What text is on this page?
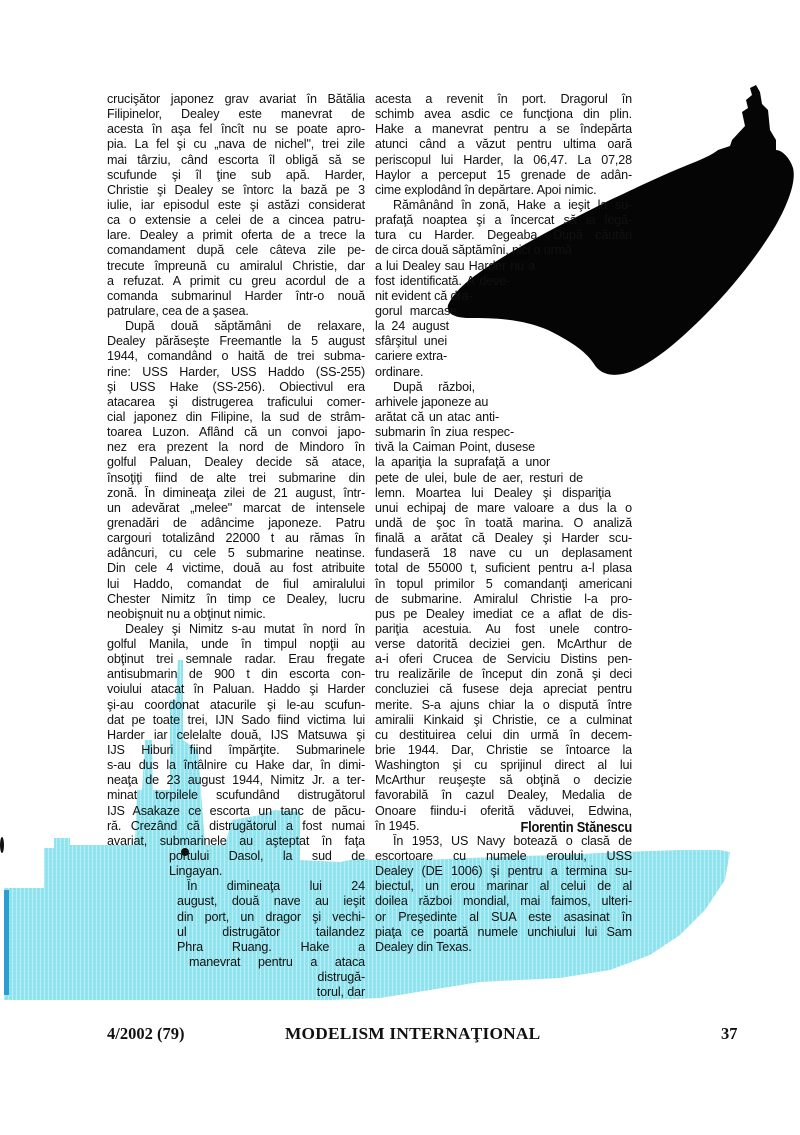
crucişător japonez grav avariat în Bătălia
Filipinelor, Dealey este manevrat de
acesta în aşa fel încît nu se poate apro-
pia. La fel şi cu „nava de nichel", trei zile
mai târziu, când escorta îl obligă să se
scufunde şi îl ţine sub apă. Harder,
Christie şi Dealey se întorc la bază pe 3
iulie, iar episodul este şi astăzi considerat
ca o extensie a celei de a cincea patru-
lare. Dealey a primit oferta de a trece la
comandament după cele câteva zile pe-
trecute împreună cu amiralul Christie, dar
a refuzat. A primit cu greu acordul de a
comanda submarinul Harder într-o nouă
patrulare, cea de a şasea.
După două săptămâni de relaxare,
Dealey părăseşte Freemantle la 5 august
1944, comandând o haită de trei subma-
rine: USS Harder, USS Haddo (SS-255)
şi USS Hake (SS-256). Obiectivul era
atacarea şi distrugerea traficului comer-
cial japonez din Filipine, la sud de strâm-
toarea Luzon. Aflând că un convoi japo-
nez era prezent la nord de Mindoro în
golful Paluan, Dealey decide să atace,
însoţiţi fiind de alte trei submarine din
zonă. În dimineaţa zilei de 21 august, într-
un adevărat „melee" marcat de intensele
grenadări de adâncime japoneze. Patru
cargouri totalizând 22000 t au rămas în
adâncuri, cu cele 5 submarine neatinse.
Din cele 4 victime, două au fost atribuite
lui Haddo, comandat de fiul amiralului
Chester Nimitz în timp ce Dealey, lucru
neobişnuit nu a obţinut nimic.
Dealey şi Nimitz s-au mutat în nord în
golful Manila, unde în timpul nopţii au
obţinut trei semnale radar. Erau fregate
antisubmarin de 900 t din escorta con-
voiului atacat în Paluan. Haddo şi Harder
şi-au coordonat atacurile şi le-au scufun-
dat pe toate trei, IJN Sado fiind victima lui
Harder iar celelalte două, IJS Matsuwa şi
IJS Hiburi fiind împărţite. Submarinele
s-au dus la întâlnire cu Hake dar, în dimi-
neaţa de 23 august 1944, Nimitz Jr. a ter-
minat torpilele scufundând distrugătorul
IJS Asakaze ce escorta un tanc de păcu-
ră. Crezând că distrugătorul a fost numai
avariat, submarinele au aşteptat în faţa
portului Dasol, la sud de
Lingayan.
În dimineaţa lui 24
august, două nave au ieşit
din port, un dragor şi vechi-
ul distrugător tailandez
Phra Ruang. Hake a
manevrat pentru a ataca
distrugă-
torul, dar
acesta a revenit în port. Dragorul în
schimb avea asdic ce funcţiona din plin.
Hake a manevrat pentru a se îndepărta
atunci când a văzut pentru ultima oară
periscopul lui Harder, la 06,47. La 07,28
Haylor a perceput 15 grenade de adân-
cime explodând în depărtare. Apoi nimic.
Rămânând în zonă, Hake a ieşit la su-
prafaţă noaptea şi a încercat să ia legă-
tura cu Harder. Degeaba. După căutări
de circa două săptămîni, nici o urmă
a lui Dealey sau Harder nu a
fost identificată. A deve-
nit evident că dra-
gorul marcase
la 24 august
sfârşitul unei
cariere extra-
ordinare.
După război,
arhivele japoneze au
arătat că un atac anti-
submarin în ziua respec-
tivă la Caiman Point, dusese
la apariţia la suprafaţă a unor
pete de ulei, bule de aer, resturi de
lemn. Moartea lui Dealey şi dispariţia
unui echipaj de mare valoare a dus la o
undă de şoc în toată marina. O analiză
finală a arătat că Dealey şi Harder scu-
fundaseră 18 nave cu un deplasament
total de 55000 t, suficient pentru a-l plasa
în topul primilor 5 comandanţi americani
de submarine. Amiralul Christie l-a pro-
pus pe Dealey imediat ce a aflat de dis-
pariţia acestuia. Au fost unele contro-
verse datorită deciziei gen. McArthur de
a-i oferi Crucea de Serviciu Distins pen-
tru realizările de început din zonă şi deci
concluziei că fusese deja apreciat pentru
merite. S-a ajuns chiar la o dispută între
amiralii Kinkaid şi Christie, ce a culminat
cu destituirea celui din urmă în decem-
brie 1944. Dar, Christie se întoarce la
Washington şi cu sprijinul direct al lui
McArthur reuşeşte să obţină o decizie
favorabilă în cazul Dealey, Medalia de
Onoare fiindu-i oferită văduvei, Edwina,
în 1945.
În 1953, US Navy botează o clasă de
escortoare cu numele eroului, USS
Dealey (DE 1006) şi pentru a termina su-
biectul, un erou marinar al celui de al
doilea război mondial, mai faimos, ulteri-
or Preşedinte al SUA este asasinat în
piaţa ce poartă numele unchiului lui Sam
Dealey din Texas.
Florentin Stănescu
4/2002 (79)	MODELISM INTERNAŢIONAL	37
